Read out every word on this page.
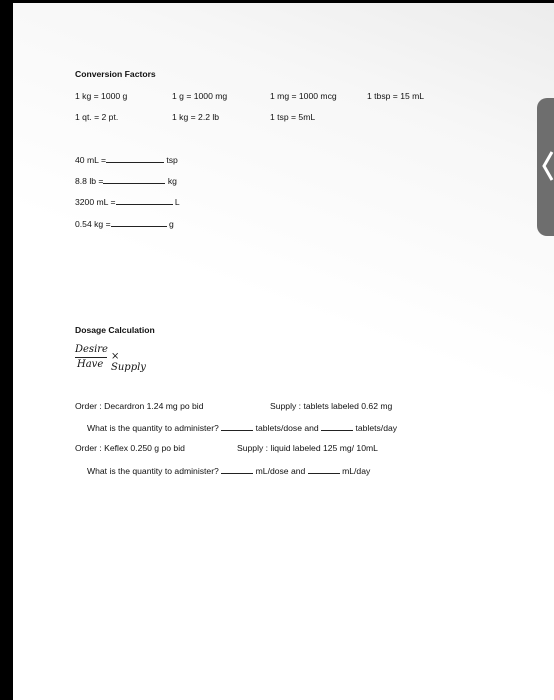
Conversion Factors
1 kg = 1000 g	1 g = 1000 mg	1 mg = 1000 mcg	1 tbsp = 15 mL
1 qt. = 2 pt.	1 kg = 2.2 lb	1 tsp = 5mL
40 mL =	tsp
8.8 lb =	kg
3200 mL =	L
0.54 kg =	g
Dosage Calculation
Desire
Have
× Supply
Order : Decardron 1.24 mg po bid	Supply : tablets labeled 0.62 mg
What is the quantity to administer?	tablets/dose and	tablets/day
Order : Keflex 0.250 g po bid	Supply : liquid labeled 125 mg/ 10mL
What is the quantity to administer?	mL/dose and	mL/day
